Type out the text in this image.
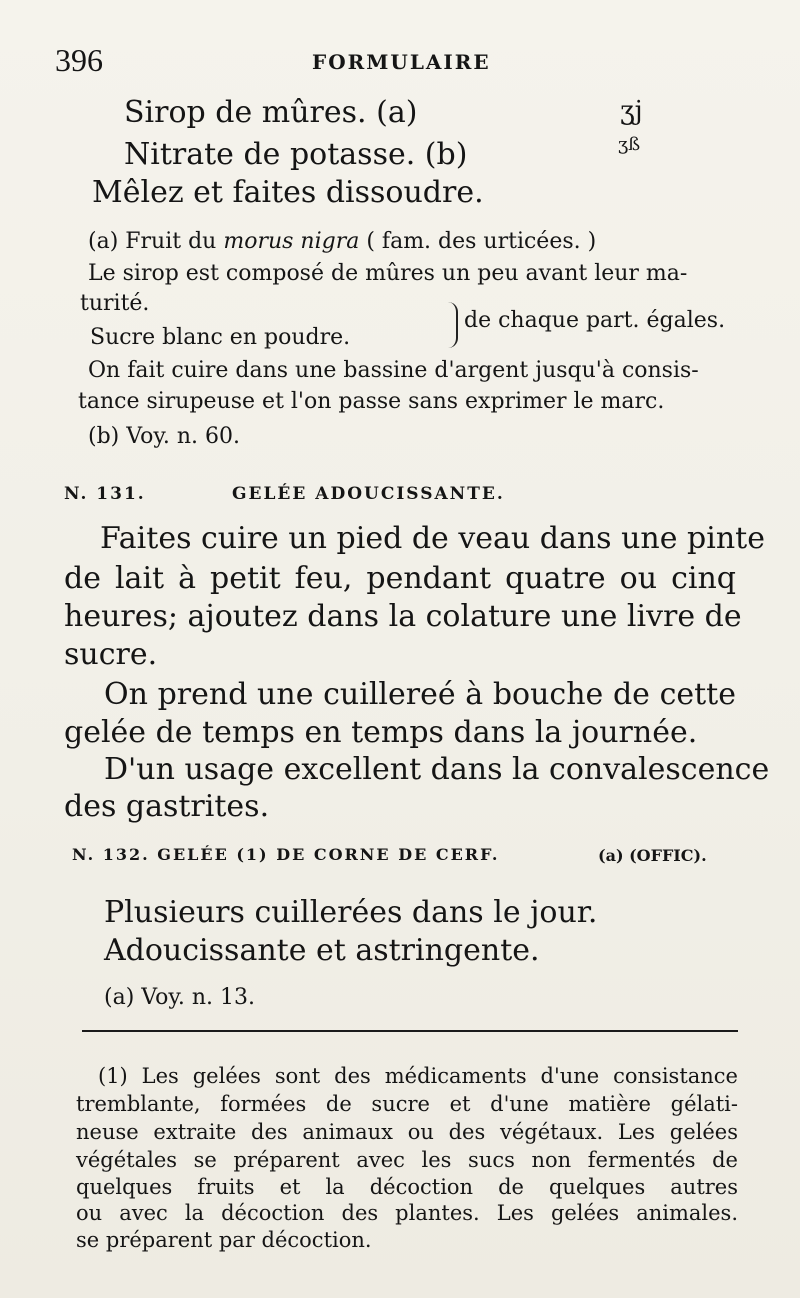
396	FORMULAIRE
Sirop de mûres. (a)	ʒj
Nitrate de potasse. (b)	ʒß
Mêlez et faites dissoudre.
(a) Fruit du morus nigra ( fam. des urticées. )
Le sirop est composé de mûres un peu avant leur ma-
turité.
Sucre blanc en poudre.
de chaque part. égales.
On fait cuire dans une bassine d'argent jusqu'à consis-
tance sirupeuse et l'on passe sans exprimer le marc.
(b) Voy. n. 60.
N. 131.	GELÉE ADOUCISSANTE.
Faites cuire un pied de veau dans une pinte
de lait à petit feu, pendant quatre ou cinq
heures; ajoutez dans la colature une livre de
sucre.
On prend une cuillereé à bouche de cette
gelée de temps en temps dans la journée.
D'un usage excellent dans la convalescence
des gastrites.
N. 132. GELÉE (1) DE CORNE DE CERF.	(a) (OFFIC).
Plusieurs cuillerées dans le jour.
Adoucissante et astringente.
(a) Voy. n. 13.
(1) Les gelées sont des médicaments d'une consistance
tremblante, formées de sucre et d'une matière gélati-
neuse extraite des animaux ou des végétaux. Les gelées
végétales se préparent avec les sucs non fermentés de
quelques fruits et la décoction de quelques autres
ou avec la décoction des plantes. Les gelées animales.
se préparent par décoction.
